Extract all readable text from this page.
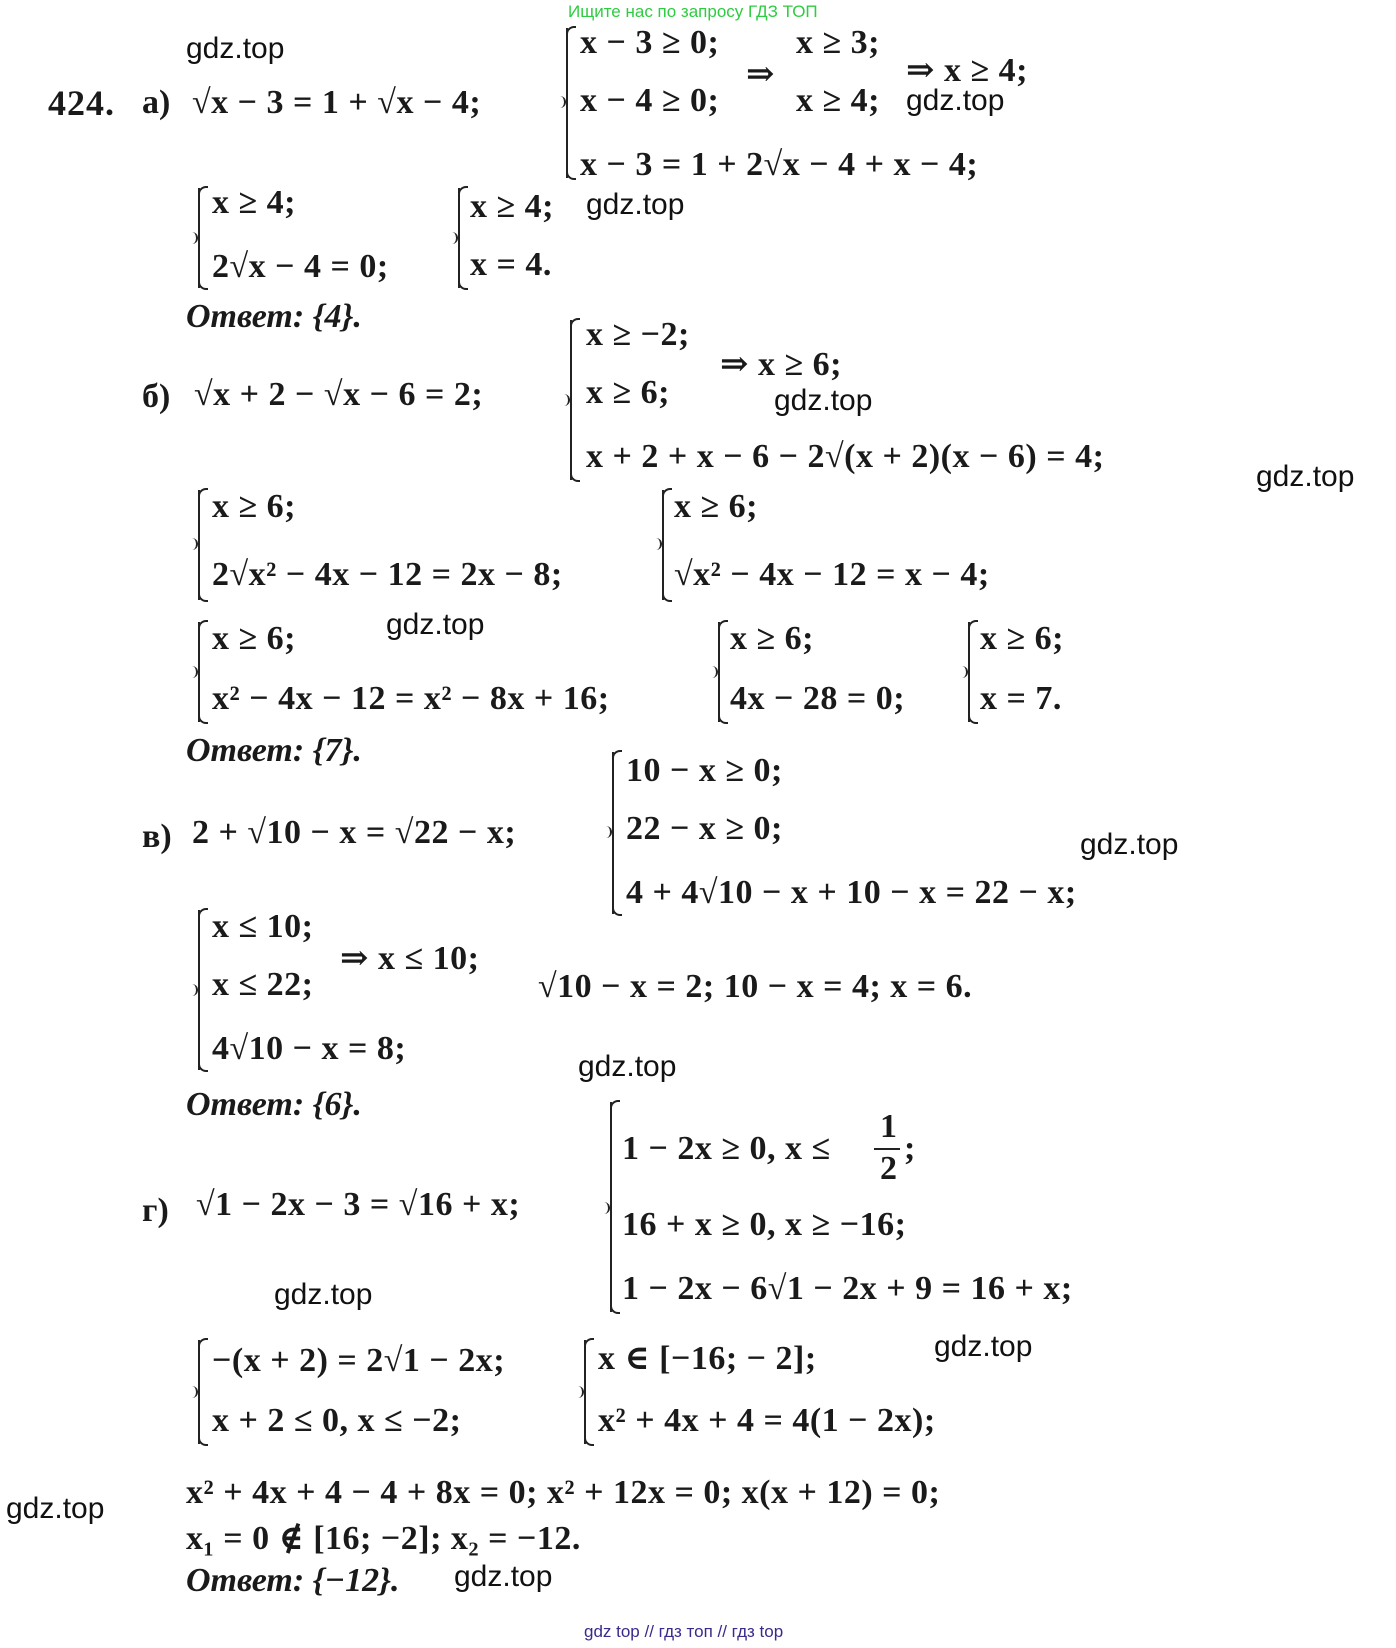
Ищите нас по запросу ГДЗ ТОП
gdz top // гдз топ // гдз top
gdz.top
gdz.top
gdz.top
gdz.top
gdz.top
gdz.top
gdz.top
gdz.top
gdz.top
gdz.top
gdz.top
gdz.top
424. а) √x − 3 = 1 + √x − 4;
x − 3 ≥ 0;
x − 4 ≥ 0;
x − 3 = 1 + 2√x − 4 + x − 4;
⇒
x ≥ 3;
x ≥ 4;
⇒ x ≥ 4;
x ≥ 4;
2√x − 4 = 0;
x ≥ 4;
x = 4.
Ответ: {4}.
б) √x + 2 − √x − 6 = 2;
x ≥ −2;
x ≥ 6;
x + 2 + x − 6 − 2√(x + 2)(x − 6) = 4;
⇒ x ≥ 6;
x ≥ 6;
2√x² − 4x − 12 = 2x − 8;
x ≥ 6;
√x² − 4x − 12 = x − 4;
x ≥ 6;
x² − 4x − 12 = x² − 8x + 16;
x ≥ 6;
4x − 28 = 0;
x ≥ 6;
x = 7.
Ответ: {7}.
в) 2 + √10 − x = √22 − x;
10 − x ≥ 0;
22 − x ≥ 0;
4 + 4√10 − x + 10 − x = 22 − x;
x ≤ 10;
x ≤ 22;
4√10 − x = 8;
⇒ x ≤ 10;
√10 − x = 2; 10 − x = 4; x = 6.
Ответ: {6}.
г) √1 − 2x − 3 = √16 + x;
1 − 2x ≥ 0, x ≤
1
2
;
16 + x ≥ 0, x ≥ −16;
1 − 2x − 6√1 − 2x + 9 = 16 + x;
−(x + 2) = 2√1 − 2x;
x + 2 ≤ 0, x ≤ −2;
x ∈ [−16; − 2];
x² + 4x + 4 = 4(1 − 2x);
x² + 4x + 4 − 4 + 8x = 0; x² + 12x = 0; x(x + 12) = 0;
x₁ = 0 ∉ [16; −2]; x₂ = −12.
Ответ: {−12}.
